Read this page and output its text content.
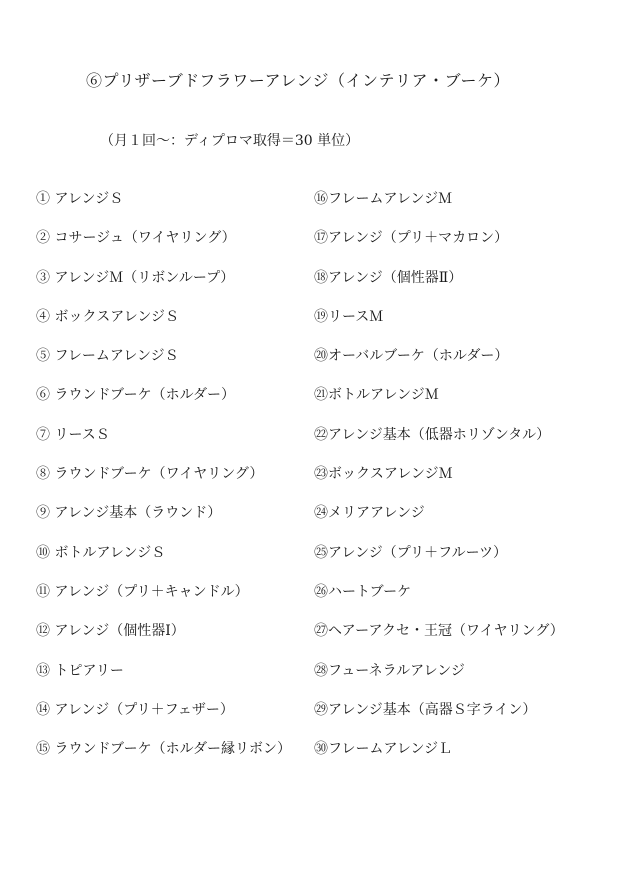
⑥プリザーブドフラワーアレンジ（インテリア・ブーケ）
（月１回～：ディプロマ取得＝30 単位）
① アレンジＳ
② コサージュ（ワイヤリング）
③ アレンジＭ（リボンループ）
④ ボックスアレンジＳ
⑤ フレームアレンジＳ
⑥ ラウンドブーケ（ホルダー）
⑦ リースＳ
⑧ ラウンドブーケ（ワイヤリング）
⑨ アレンジ基本（ラウンド）
⑩ ボトルアレンジＳ
⑪ アレンジ（プリ＋キャンドル）
⑫ アレンジ（個性器Ⅰ）
⑬ トピアリー
⑭ アレンジ（プリ＋フェザー）
⑮ ラウンドブーケ（ホルダー縁リボン）
⑯フレームアレンジＭ
⑰アレンジ（プリ＋マカロン）
⑱アレンジ（個性器Ⅱ）
⑲リースＭ
⑳オーバルブーケ（ホルダー）
㉑ボトルアレンジＭ
㉒アレンジ基本（低器ホリゾンタル）
㉓ボックスアレンジＭ
㉔メリアアレンジ
㉕アレンジ（プリ＋フルーツ）
㉖ハートブーケ
㉗ヘアーアクセ・王冠（ワイヤリング）
㉘フューネラルアレンジ
㉙アレンジ基本（高器Ｓ字ライン）
㉚フレームアレンジＬ
